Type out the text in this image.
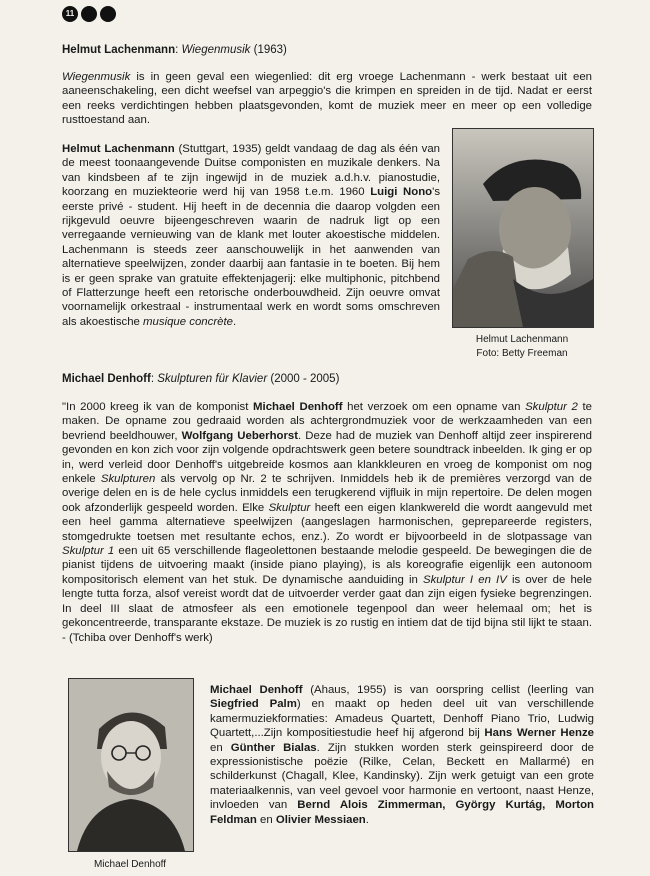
11

Helmut Lachenmann: Wiegenmusik (1963)

Wiegenmusik is in geen geval een wiegenlied: dit erg vroege Lachenmann - werk bestaat uit een aaneenschakeling, een dicht weefsel van arpeggio's die krimpen en spreiden in de tijd. Nadat er eerst een reeks verdichtingen hebben plaatsgevonden, komt de muziek meer en meer op een volledige rusttoestand aan.

Helmut Lachenmann (Stuttgart, 1935) geldt vandaag de dag als één van de meest toonaangevende Duitse componisten en muzikale denkers. Na van kindsbeen af te zijn ingewijd in de muziek a.d.h.v. pianostudie, koorzang en muziekteorie werd hij van 1958 t.e.m. 1960 Luigi Nono's eerste privé - student. Hij heeft in de decennia die daarop volgden een rijkgevuld oeuvre bijeengeschreven waarin de nadruk ligt op een verregaande vernieuwing van de klank met louter akoestische middelen. Lachenmann is steeds zeer aanschouwelijk in het aanwenden van alternatieve speelwijzen, zonder daarbij aan fantasie in te boeten. Bij hem is er geen sprake van gratuite effektenjagerij: elke multiphonic, pitchbend of Flatterzunge heeft een retorische onderbouwdheid. Zijn oeuvre omvat voornamelijk orkestraal - instrumentaal werk en wordt soms omschreven als akoestische musique concrète.

Helmut Lachenmann
Foto: Betty Freeman

Michael Denhoff: Skulpturen für Klavier (2000 - 2005)

"In 2000 kreeg ik van de komponist Michael Denhoff het verzoek om een opname van Skulptur 2 te maken. De opname zou gedraaid worden als achtergrondmuziek voor de werkzaamheden van een bevriend beeldhouwer, Wolfgang Ueberhorst. Deze had de muziek van Denhoff altijd zeer inspirerend gevonden en kon zich voor zijn volgende opdrachtswerk geen betere soundtrack inbeelden. Ik ging er op in, werd verleid door Denhoff's uitgebreide kosmos aan klankkleuren en vroeg de komponist om nog enkele Skulpturen als vervolg op Nr. 2 te schrijven. Inmiddels heb ik de premières verzorgd van de overige delen en is de hele cyclus inmiddels een terugkerend vijfluik in mijn repertoire. De delen mogen ook afzonderlijk gespeeld worden. Elke Skulptur heeft een eigen klankwereld die wordt aangevuld met een heel gamma alternatieve speelwijzen (aangeslagen harmonischen, geprepareerde registers, stomgedrukte toetsen met resultante echos, enz.). Zo wordt er bijvoorbeeld in de slotpassage van Skulptur 1 een uit 65 verschillende flageolettonen bestaande melodie gespeeld. De bewegingen die de pianist tijdens de uitvoering maakt (inside piano playing), is als koreografie eigenlijk een autonoom kompositorisch element van het stuk. De dynamische aanduiding in Skulptur I en IV is over de hele lengte tutta forza, alsof vereist wordt dat de uitvoerder verder gaat dan zijn eigen fysieke begrenzingen. In deel III slaat de atmosfeer als een emotionele tegenpool dan weer helemaal om; het is gekoncentreerde, transparante ekstaze. De muziek is zo rustig en intiem dat de tijd bijna stil lijkt te staan. - (Tchiba over Denhoff's werk)

Michael Denhoff

Michael Denhoff (Ahaus, 1955) is van oorspring cellist (leerling van Siegfried Palm) en maakt op heden deel uit van verschillende kamermuziekformaties: Amadeus Quartett, Denhoff Piano Trio, Ludwig Quartett,...Zijn kompositiestudie heef hij afgerond bij Hans Werner Henze en Günther Bialas. Zijn stukken worden sterk geinspireerd door de expressionistische poëzie (Rilke, Celan, Beckett en Mallarmé) en schilderkunst (Chagall, Klee, Kandinsky). Zijn werk getuigt van een grote materiaalkennis, van veel gevoel voor harmonie en vertoont, naast Henze, invloeden van Bernd Alois Zimmerman, György Kurtág, Morton Feldman en Olivier Messiaen.
